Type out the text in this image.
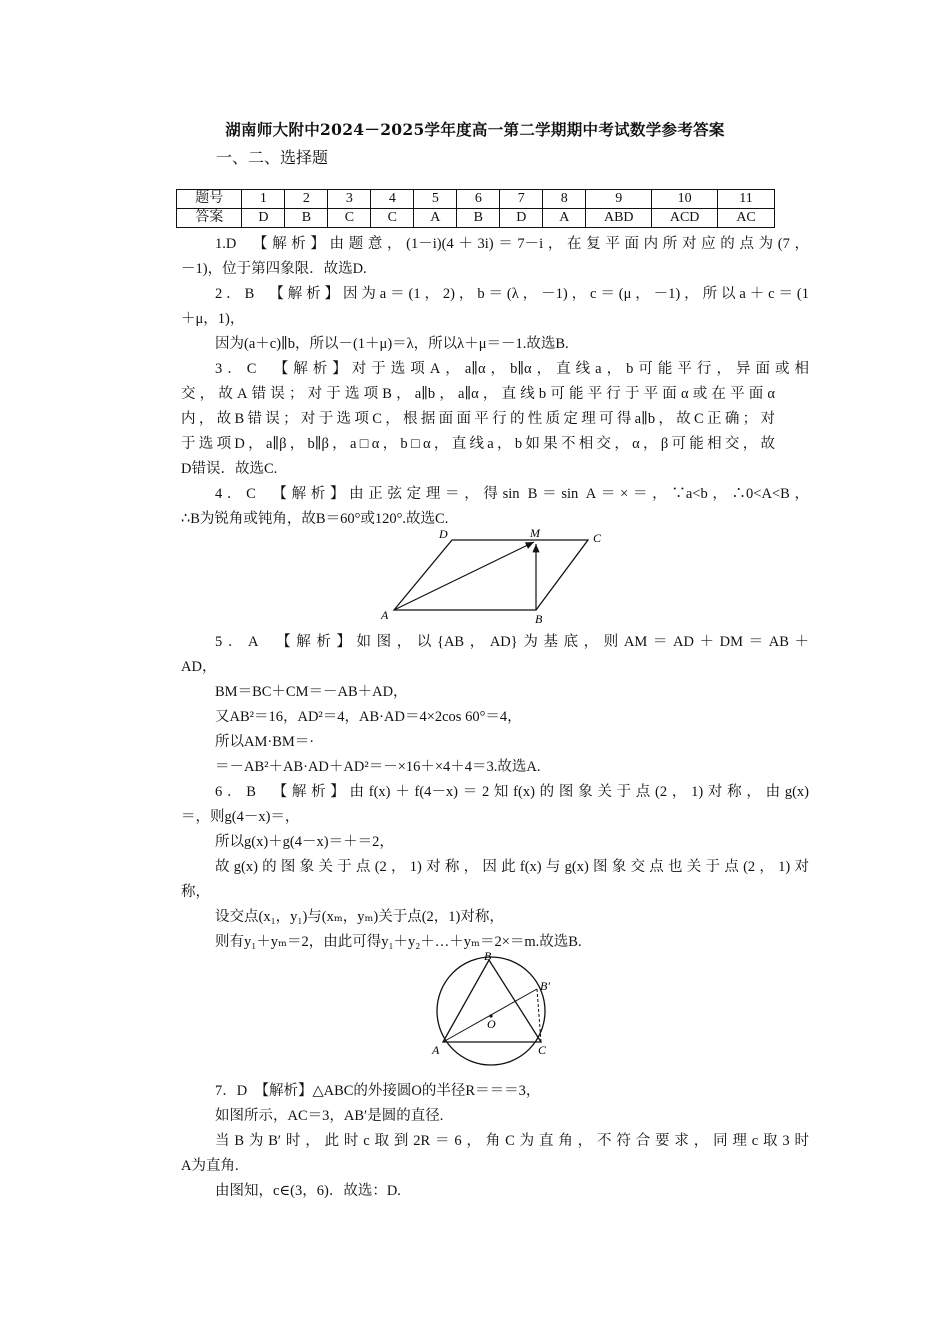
湖南师大附中2024－2025学年度高一第二学期期中考试数学参考答案
一、二、选择题
题号	1	2	3	4	5	6	7	8	9	10	11
答案	D	B	C	C	A	B	D	A	ABD	ACD	AC
1.D　【解析】由题意，(1－i)(4＋3i)＝7－i，在复平面内所对应的点为(7，
－1)，位于第四象限．故选D.
2．B　【解析】因为a＝(1，2)，b＝(λ，－1)，c＝(μ，－1)，所以a＋c＝(1
＋μ，1)，
因为(a＋c)∥b，所以－(1＋μ)＝λ，所以λ＋μ＝－1.故选B.
3．C　【解析】对于选项A，a∥α，b∥α，直线a，b可能平行，异面或相
交，故A错误；对于选项B，a∥b，a∥α，直线b可能平行于平面α或在平面α
内，故B错误；对于选项C，根据面面平行的性质定理可得a∥b，故C正确；对
于选项D，a∥β，b∥β，a□α，b□α，直线a，b如果不相交，α，β可能相交，故
D错误．故选C.
4．C　【解析】由正弦定理＝，得sin B＝sin A＝×＝，∵a<b，∴0<A<B，
∴B为锐角或钝角，故B＝60°或120°.故选C.
D	M	C
A	B
5．A　【解析】如图，以{AB，AD}为基底，则AM＝AD＋DM＝AB＋
AD，
BM＝BC＋CM＝－AB＋AD，
又AB²＝16，AD²＝4，AB·AD＝4×2cos 60°＝4，
所以AM·BM＝·
＝－AB²＋AB·AD＋AD²＝－×16＋×4＋4＝3.故选A.
6．B　【解析】由f(x)＋f(4－x)＝2知f(x)的图象关于点(2，1)对称，由g(x)
＝，则g(4－x)＝，
所以g(x)＋g(4－x)＝＋＝2，
故g(x)的图象关于点(2，1)对称，因此f(x)与g(x)图象交点也关于点(2，1)对
称，
设交点(x₁，y₁)与(xₘ，yₘ)关于点(2，1)对称，
则有y₁＋yₘ＝2，由此可得y₁＋y₂＋…＋yₘ＝2×＝m.故选B.
B
B′
O
A	C
7．D　【解析】△ABC的外接圆O的半径R＝＝＝3，
如图所示，AC＝3，AB′是圆的直径.
当B为B′时，此时c取到2R＝6，角C为直角，不符合要求，同理c取3时
A为直角.
由图知，c∈(3，6)．故选：D.
